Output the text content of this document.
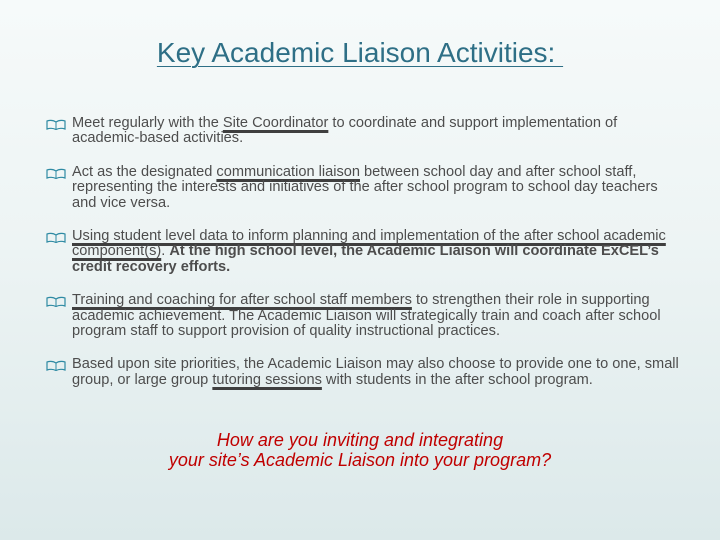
Key Academic Liaison Activities:
Meet regularly with the Site Coordinator to coordinate and support implementation of academic-based activities.
Act as the designated communication liaison between school day and after school staff, representing the interests and initiatives of the after school program to school day teachers and vice versa.
Using student level data to inform planning and implementation of the after school academic component(s). At the high school level, the Academic Liaison will coordinate ExCEL’s credit recovery efforts.
Training and coaching for after school staff members to strengthen their role in supporting academic achievement. The Academic Liaison will strategically train and coach after school program staff to support provision of quality instructional practices.
Based upon site priorities, the Academic Liaison may also choose to provide one to one, small group, or large group tutoring sessions with students in the after school program.
How are you inviting and integrating
your site’s Academic Liaison into your program?
